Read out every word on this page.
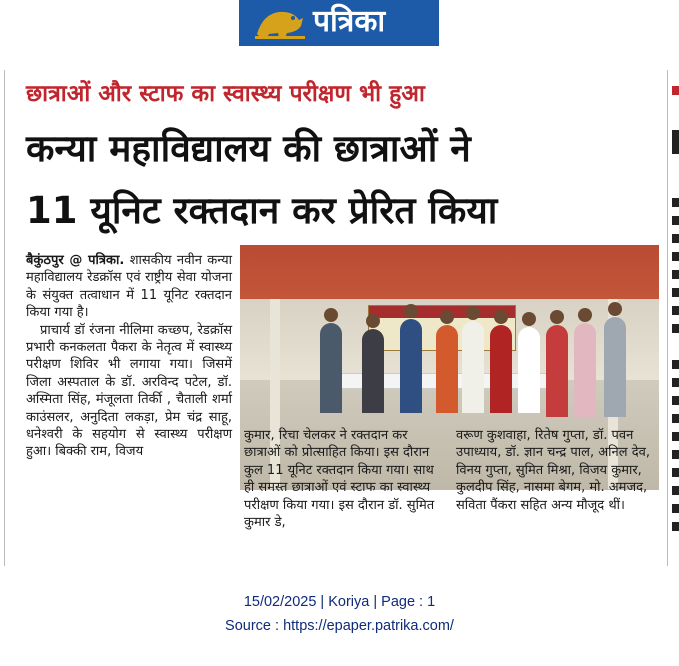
पत्रिका
छात्राओं और स्टाफ का स्वास्थ्य परीक्षण भी हुआ
कन्या महाविद्यालय की छात्राओं ने
11 यूनिट रक्तदान कर प्रेरित किया

बैकुंठपुर @ पत्रिका. शासकीय नवीन कन्या महाविद्यालय रेडक्रॉस एवं राष्ट्रीय सेवा योजना के संयुक्त तत्वाधान में 11 यूनिट रक्तदान किया गया है।

प्राचार्य डॉ रंजना नीलिमा कच्छप, रेडक्रॉस प्रभारी कनकलता पैकरा के नेतृत्व में स्वास्थ्य परीक्षण शिविर भी लगाया गया। जिसमें जिला अस्पताल के डॉ. अरविन्द पटेल, डॉ. अस्मिता सिंह, मंजूलता तिर्की , चैताली शर्मा काउंसलर, अनुदिता लकड़ा, प्रेम चंद्र साहू, धनेश्वरी के सहयोग से स्वास्थ्य परीक्षण हुआ। बिक्की राम, विजय

कुमार, रिचा चेलकर ने रक्तदान कर छात्राओं को प्रोत्साहित किया। इस दौरान कुल 11 यूनिट रक्तदान किया गया। साथ ही समस्त छात्राओं एवं स्टाफ का स्वास्थ्य परीक्षण किया गया। इस दौरान डॉ. सुमित कुमार डे,
वरूण कुशवाहा, रितेष गुप्ता, डॉ. पवन उपाध्याय, डॉ. ज्ञान चन्द्र पाल, अनिल देव, विनय गुप्ता, सुमित मिश्रा, विजय कुमार, कुलदीप सिंह, नासमा बेगम, मो. अमजद, सविता पैंकरा सहित अन्य मौजूद थीं।
15/02/2025 | Koriya | Page : 1
Source : https://epaper.patrika.com/
